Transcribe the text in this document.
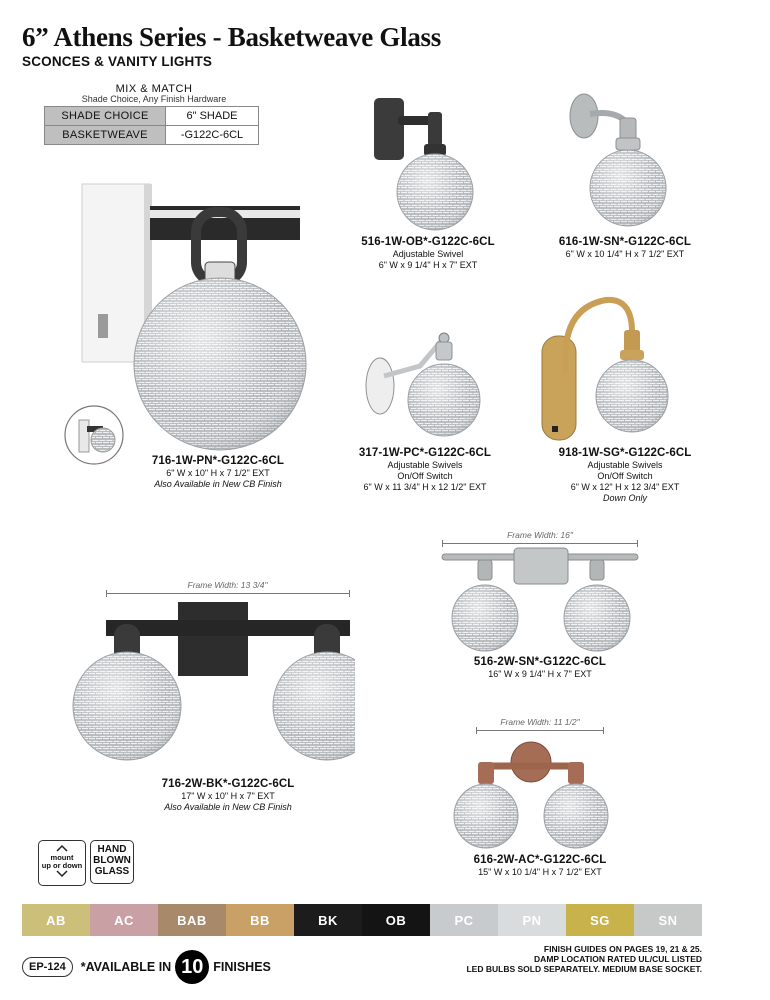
6” Athens Series - Basketweave Glass
SCONCES & VANITY LIGHTS
MIX & MATCH
Shade Choice, Any Finish Hardware
SHADE CHOICE	6" SHADE
BASKETWEAVE	-G122C-6CL
516-1W-OB*-G122C-6CL
Adjustable Swivel
6" W x 9 1/4" H x 7" EXT
616-1W-SN*-G122C-6CL
6" W x 10 1/4" H x 7 1/2" EXT
716-1W-PN*-G122C-6CL
6" W x 10" H x 7 1/2" EXT
Also Available in New CB Finish
317-1W-PC*-G122C-6CL
Adjustable Swivels
On/Off Switch
6" W x 11 3/4" H x 12 1/2" EXT
918-1W-SG*-G122C-6CL
Adjustable Swivels
On/Off Switch
6" W x 12" H x 12 3/4" EXT
Down Only
Frame Width: 16"
516-2W-SN*-G122C-6CL
16" W x 9 1/4" H x 7" EXT
Frame Width: 13 3/4"
716-2W-BK*-G122C-6CL
17" W x 10" H x 7" EXT
Also Available in New CB Finish
Frame Width: 11 1/2"
616-2W-AC*-G122C-6CL
15" W x 10 1/4" H x 7 1/2" EXT
mount
up or down
HAND
BLOWN
GLASS
AB	AC	BAB	BB	BK	OB	PC	PN	SG	SN
EP-124	*AVAILABLE IN 10 FINISHES
FINISH GUIDES ON PAGES 19, 21 & 25.
DAMP LOCATION RATED UL/CUL LISTED
LED BULBS SOLD SEPARATELY. MEDIUM BASE SOCKET.
